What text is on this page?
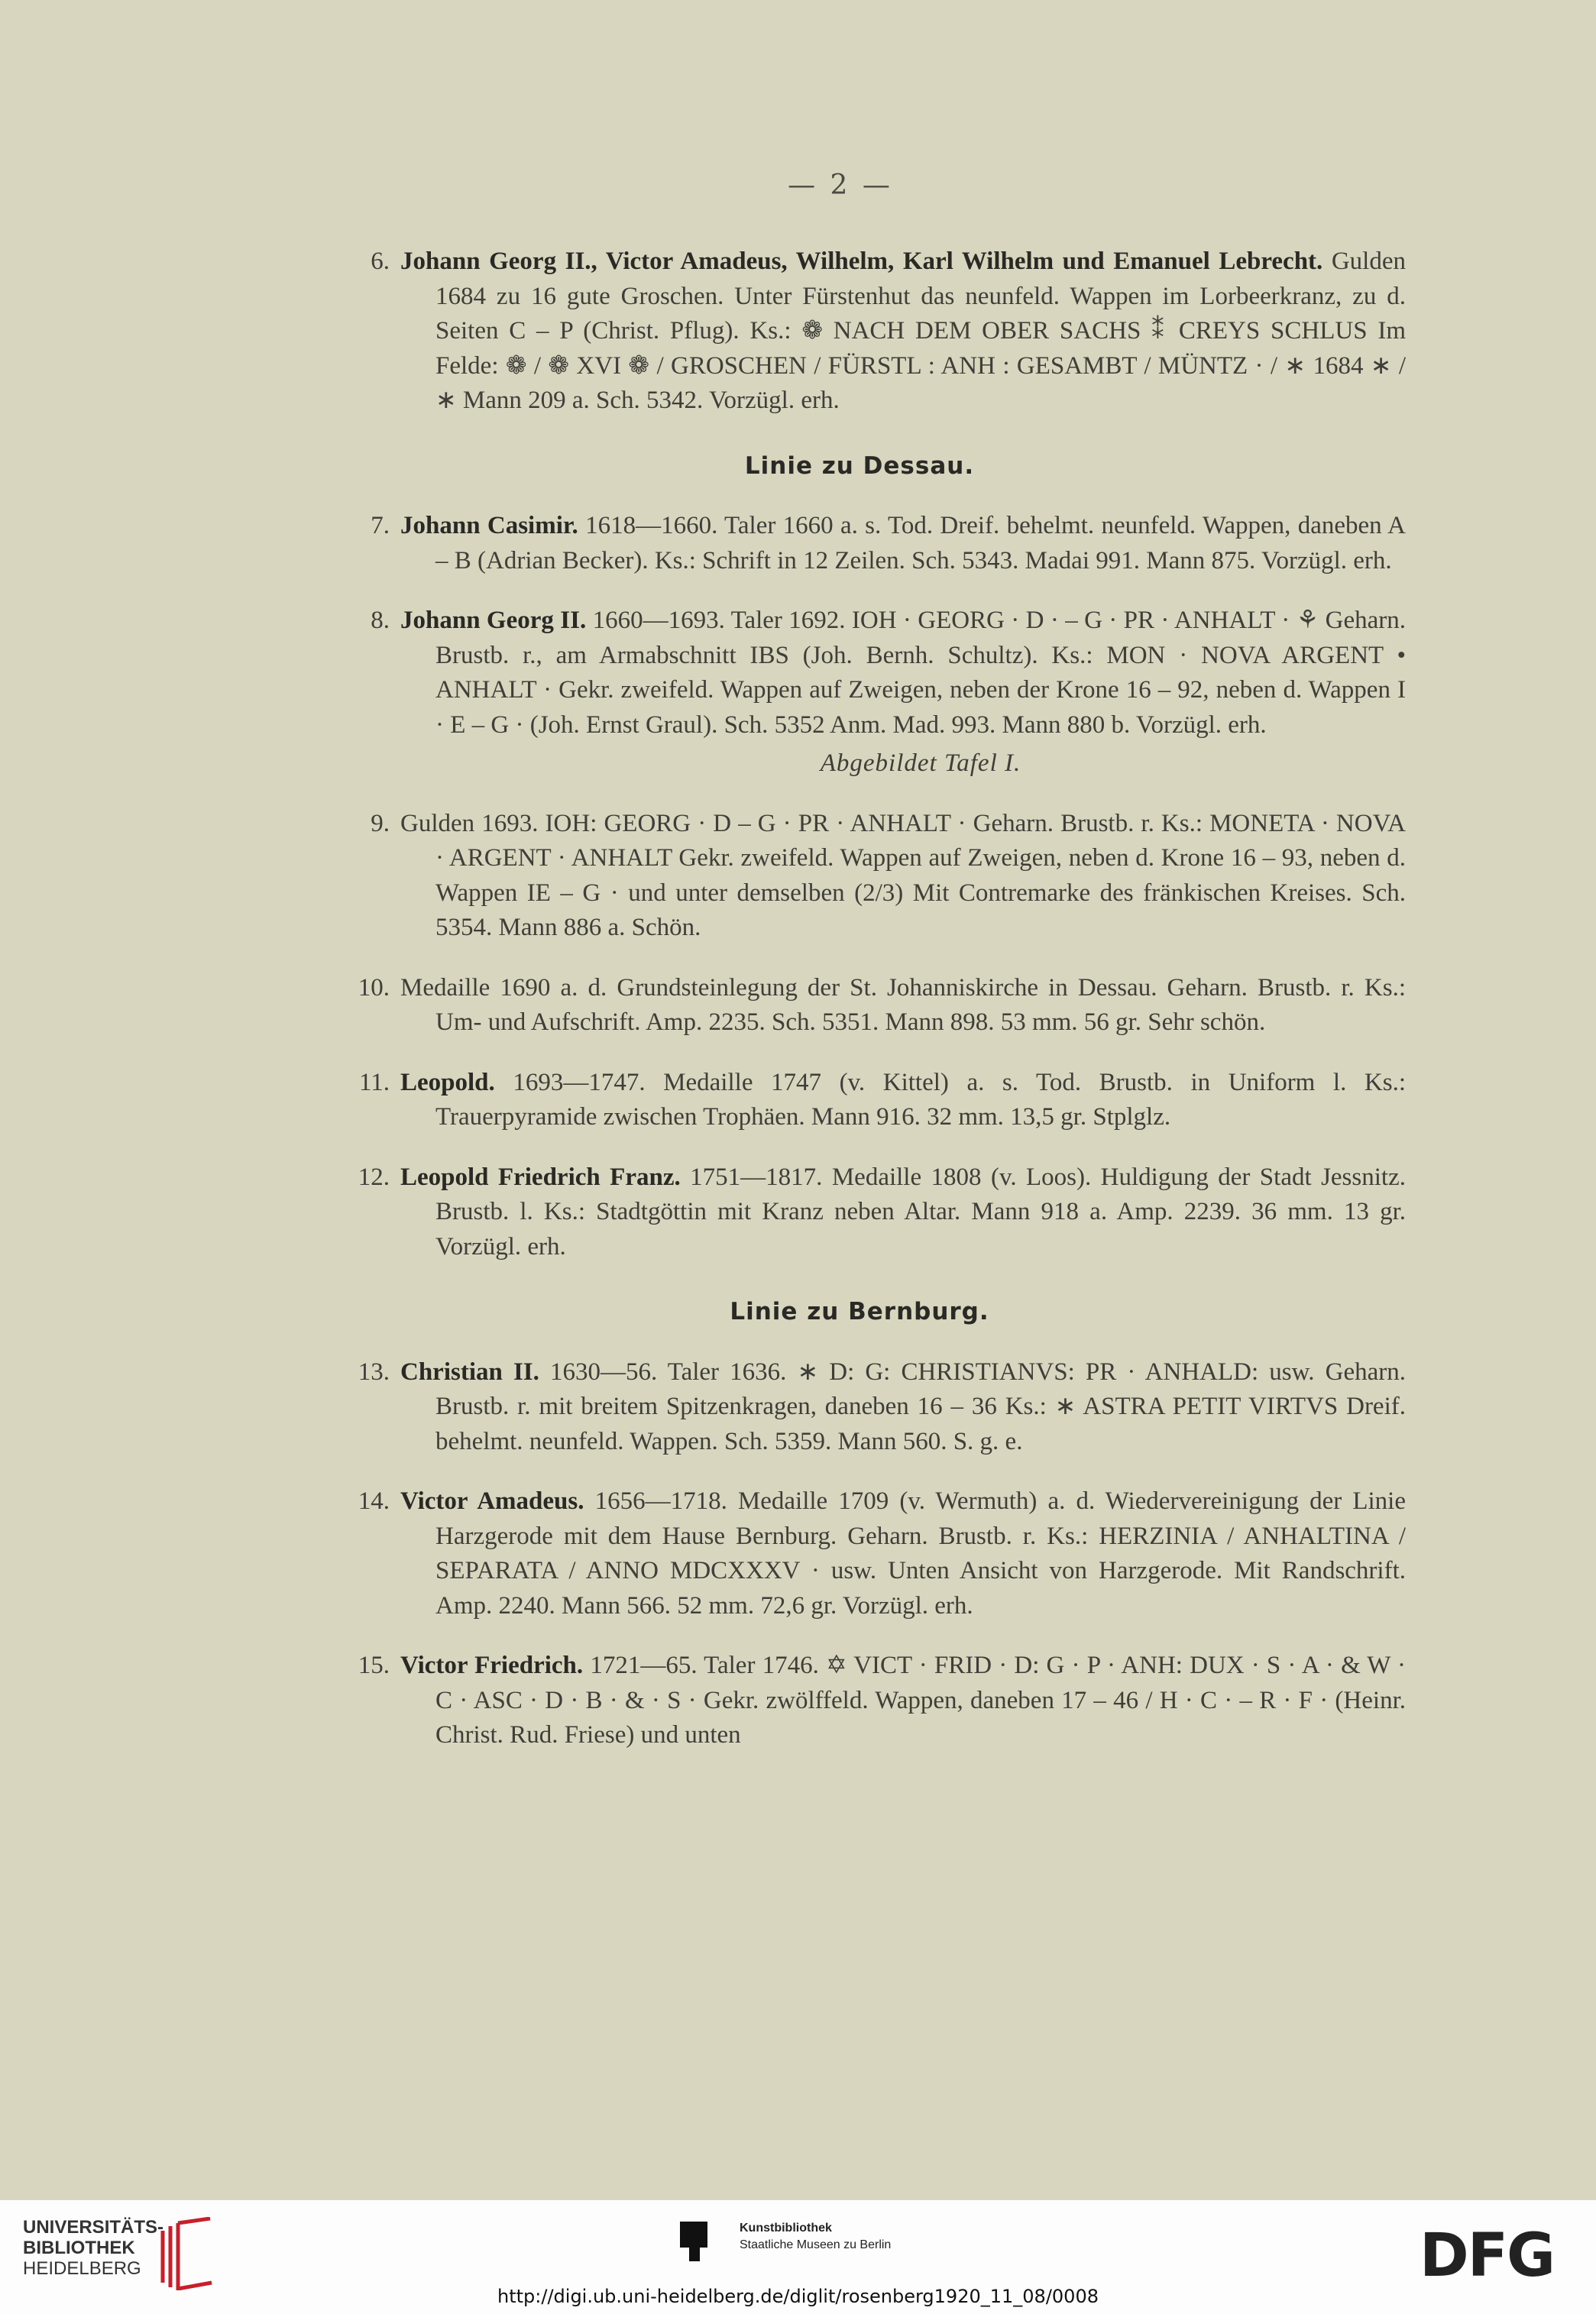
— 2 —

6. Johann Georg II., Victor Amadeus, Wilhelm, Karl Wilhelm und Emanuel Lebrecht. Gulden 1684 zu 16 gute Groschen. Unter Fürstenhut das neunfeld. Wappen im Lorbeerkranz, zu d. Seiten C – P (Christ. Pflug). Ks.: ❁ NACH DEM OBER SACHS ⁑ CREYS SCHLUS Im Felde: ❁ / ❁ XVI ❁ / GROSCHEN / FÜRSTL : ANH : GESAMBT / MÜNTZ · / ∗ 1684 ∗ / ∗ Mann 209 a. Sch. 5342. Vorzügl. erh.

Linie zu Dessau.

7. Johann Casimir. 1618—1660. Taler 1660 a. s. Tod. Dreif. behelmt. neunfeld. Wappen, daneben A – B (Adrian Becker). Ks.: Schrift in 12 Zeilen. Sch. 5343. Madai 991. Mann 875. Vorzügl. erh.

8. Johann Georg II. 1660—1693. Taler 1692. IOH · GEORG · D · – G · PR · ANHALT · ⚘ Geharn. Brustb. r., am Armabschnitt IBS (Joh. Bernh. Schultz). Ks.: MON · NOVA ARGENT • ANHALT · Gekr. zweifeld. Wappen auf Zweigen, neben der Krone 16 – 92, neben d. Wappen I · E – G · (Joh. Ernst Graul). Sch. 5352 Anm. Mad. 993. Mann 880 b. Vorzügl. erh.

Abgebildet Tafel I.

9. Gulden 1693. IOH: GEORG · D – G · PR · ANHALT · Geharn. Brustb. r. Ks.: MONETA · NOVA · ARGENT · ANHALT Gekr. zweifeld. Wappen auf Zweigen, neben d. Krone 16 – 93, neben d. Wappen IE – G · und unter demselben (2/3) Mit Contremarke des fränkischen Kreises. Sch. 5354. Mann 886 a. Schön.

10. Medaille 1690 a. d. Grundsteinlegung der St. Johanniskirche in Dessau. Geharn. Brustb. r. Ks.: Um- und Aufschrift. Amp. 2235. Sch. 5351. Mann 898. 53 mm. 56 gr. Sehr schön.

11. Leopold. 1693—1747. Medaille 1747 (v. Kittel) a. s. Tod. Brustb. in Uniform l. Ks.: Trauerpyramide zwischen Trophäen. Mann 916. 32 mm. 13,5 gr. Stplglz.

12. Leopold Friedrich Franz. 1751—1817. Medaille 1808 (v. Loos). Huldigung der Stadt Jessnitz. Brustb. l. Ks.: Stadtgöttin mit Kranz neben Altar. Mann 918 a. Amp. 2239. 36 mm. 13 gr. Vorzügl. erh.

Linie zu Bernburg.

13. Christian II. 1630—56. Taler 1636. ∗ D: G: CHRISTIANVS: PR · ANHALD: usw. Geharn. Brustb. r. mit breitem Spitzenkragen, daneben 16 – 36 Ks.: ∗ ASTRA PETIT VIRTVS Dreif. behelmt. neunfeld. Wappen. Sch. 5359. Mann 560. S. g. e.

14. Victor Amadeus. 1656—1718. Medaille 1709 (v. Wermuth) a. d. Wiedervereinigung der Linie Harzgerode mit dem Hause Bernburg. Geharn. Brustb. r. Ks.: HERZINIA / ANHALTINA / SEPARATA / ANNO MDCXXXV · usw. Unten Ansicht von Harzgerode. Mit Randschrift. Amp. 2240. Mann 566. 52 mm. 72,6 gr. Vorzügl. erh.

15. Victor Friedrich. 1721—65. Taler 1746. ✡ VICT · FRID · D: G · P · ANH: DUX · S · A · & W · C · ASC · D · B · & · S · Gekr. zwölffeld. Wappen, daneben 17 – 46 / H · C · – R · F · (Heinr. Christ. Rud. Friese) und unten

UNIVERSITÄTS-
BIBLIOTHEK
HEIDELBERG
Kunstbibliothek
Staatliche Museen zu Berlin	DFG
http://digi.ub.uni-heidelberg.de/diglit/rosenberg1920_11_08/0008
